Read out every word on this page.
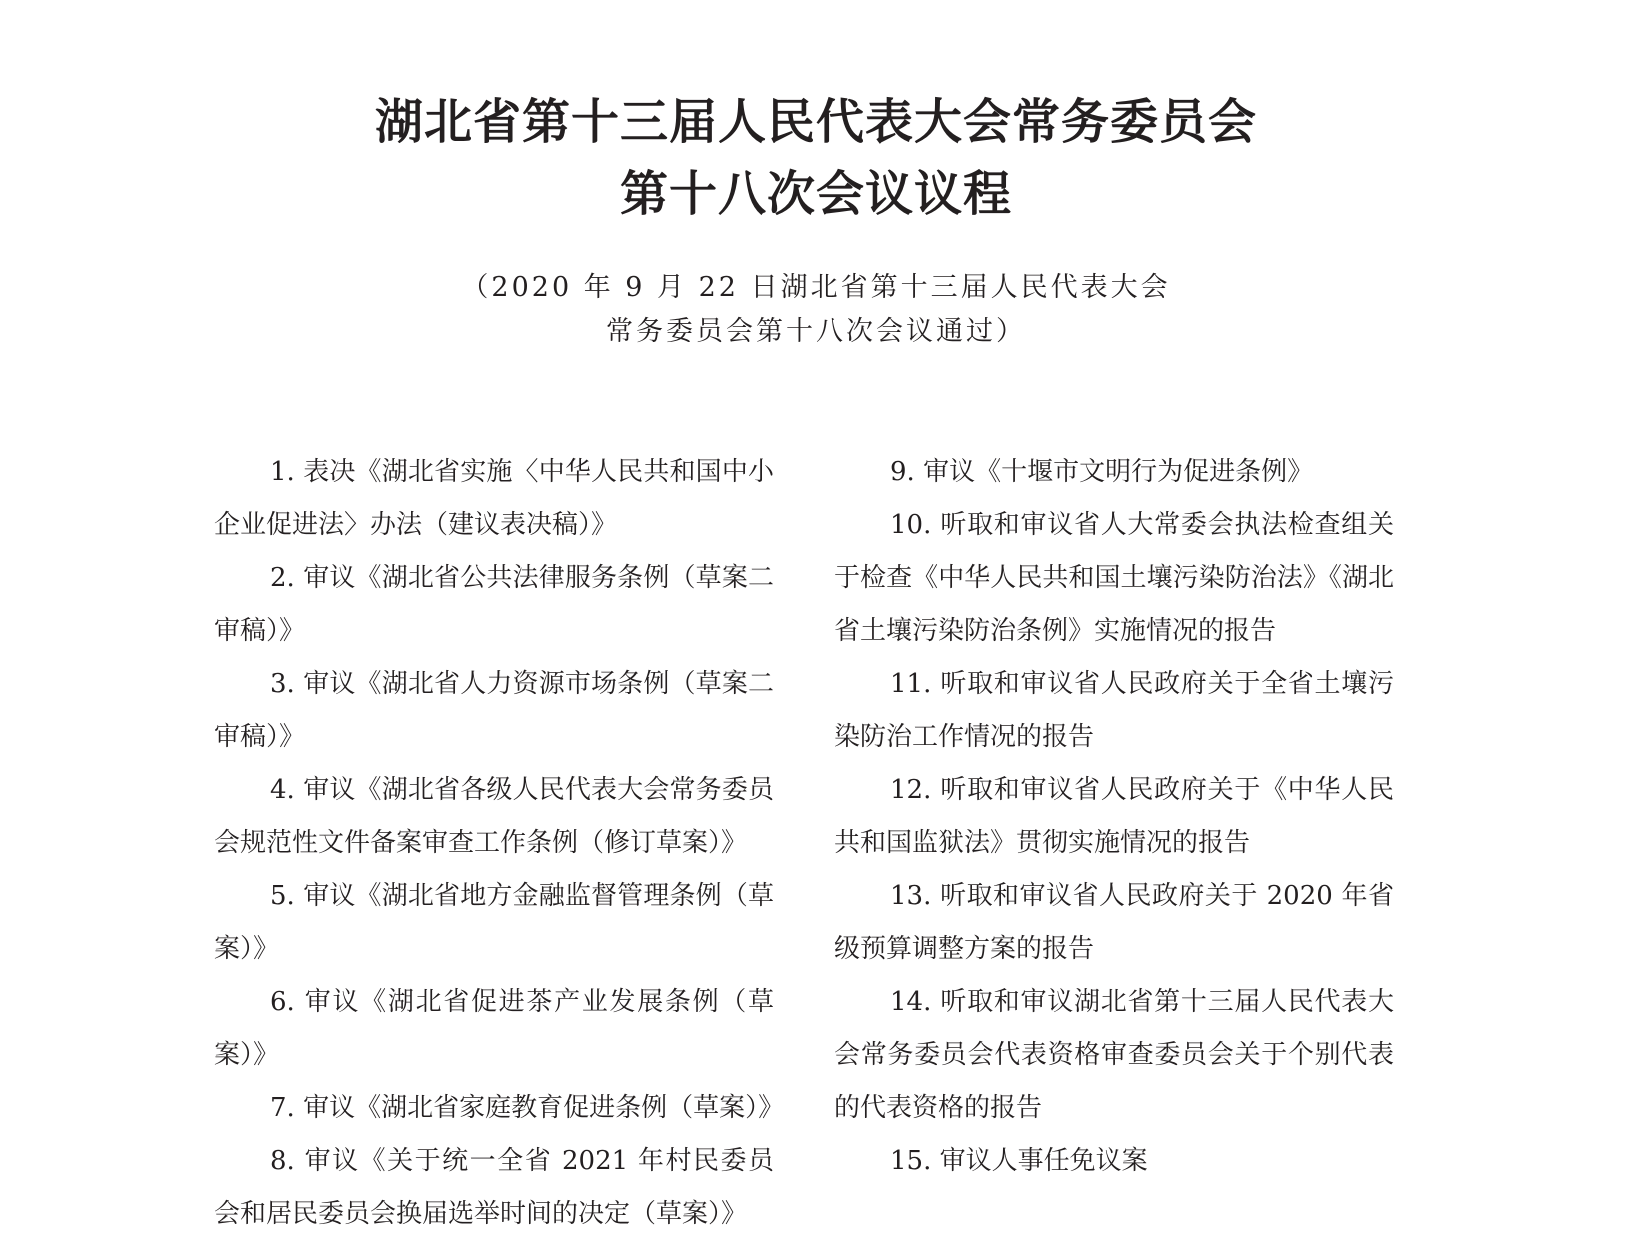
湖北省第十三届人民代表大会常务委员会
第十八次会议议程
（2020 年 9 月 22 日湖北省第十三届人民代表大会
常务委员会第十八次会议通过）

1. 表决《湖北省实施〈中华人民共和国中小企业促进法〉办法（建议表决稿）》

2. 审议《湖北省公共法律服务条例（草案二审稿）》

3. 审议《湖北省人力资源市场条例（草案二审稿）》

4. 审议《湖北省各级人民代表大会常务委员会规范性文件备案审查工作条例（修订草案）》

5. 审议《湖北省地方金融监督管理条例（草案）》

6. 审议《湖北省促进茶产业发展条例（草案）》

7. 审议《湖北省家庭教育促进条例（草案）》

8. 审议《关于统一全省 2021 年村民委员会和居民委员会换届选举时间的决定（草案）》

9. 审议《十堰市文明行为促进条例》

10. 听取和审议省人大常委会执法检查组关于检查《中华人民共和国土壤污染防治法》《湖北省土壤污染防治条例》实施情况的报告

11. 听取和审议省人民政府关于全省土壤污染防治工作情况的报告

12. 听取和审议省人民政府关于《中华人民共和国监狱法》贯彻实施情况的报告

13. 听取和审议省人民政府关于 2020 年省级预算调整方案的报告

14. 听取和审议湖北省第十三届人民代表大会常务委员会代表资格审查委员会关于个别代表的代表资格的报告

15. 审议人事任免议案
